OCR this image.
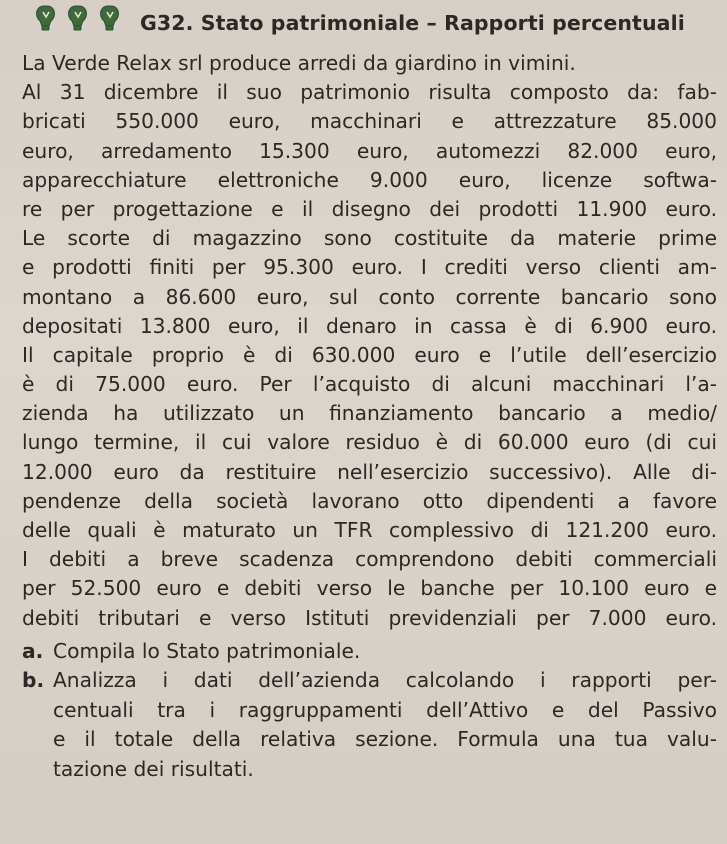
G32. Stato patrimoniale – Rapporti percentuali
La Verde Relax srl produce arredi da giardino in vimini.
Al 31 dicembre il suo patrimonio risulta composto da: fab-
bricati 550.000 euro, macchinari e attrezzature 85.000
euro, arredamento 15.300 euro, automezzi 82.000 euro,
apparecchiature elettroniche 9.000 euro, licenze softwa-
re per progettazione e il disegno dei prodotti 11.900 euro.
Le scorte di magazzino sono costituite da materie prime
e prodotti finiti per 95.300 euro. I crediti verso clienti am-
montano a 86.600 euro, sul conto corrente bancario sono
depositati 13.800 euro, il denaro in cassa è di 6.900 euro.
Il capitale proprio è di 630.000 euro e l’utile dell’esercizio
è di 75.000 euro. Per l’acquisto di alcuni macchinari l’a-
zienda ha utilizzato un finanziamento bancario a medio/
lungo termine, il cui valore residuo è di 60.000 euro (di cui
12.000 euro da restituire nell’esercizio successivo). Alle di-
pendenze della società lavorano otto dipendenti a favore
delle quali è maturato un TFR complessivo di 121.200 euro.
I debiti a breve scadenza comprendono debiti commerciali
per 52.500 euro e debiti verso le banche per 10.100 euro e
debiti tributari e verso Istituti previdenziali per 7.000 euro.
a. Compila lo Stato patrimoniale.
b. Analizza i dati dell’azienda calcolando i rapporti per-
centuali tra i raggruppamenti dell’Attivo e del Passivo
e il totale della relativa sezione. Formula una tua valu-
tazione dei risultati.
